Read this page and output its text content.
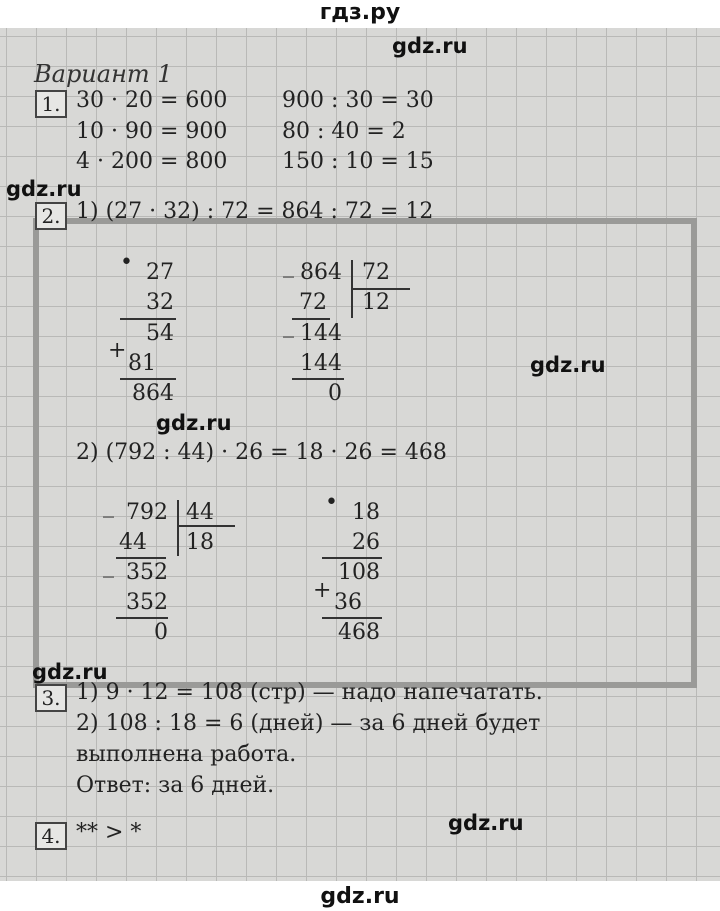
гдз.ру
Вариант 1
gdz.ru
1. 30 · 20 = 600
10 · 90 = 900
4 · 200 = 800
900 : 30 = 30
80 : 40 = 2
150 : 10 = 15
gdz.ru
2. 1) (27 · 32) : 72 = 864 : 72 = 12
• 27
32
54
+
81
864
_ 864 72
12
72
_ 144
144
0
gdz.ru
gdz.ru
2) (792 : 44) · 26 = 18 · 26 = 468
_ 792 44
18
44
_ 352
352
0
• 18
26
108
+ 36
468
gdz.ru
3. 1) 9 · 12 = 108 (стр) — надо напечатать.
2) 108 : 18 = 6 (дней) — за 6 дней будет
выполнена работа.
Ответ: за 6 дней.
4. ** > *	gdz.ru
gdz.ru
